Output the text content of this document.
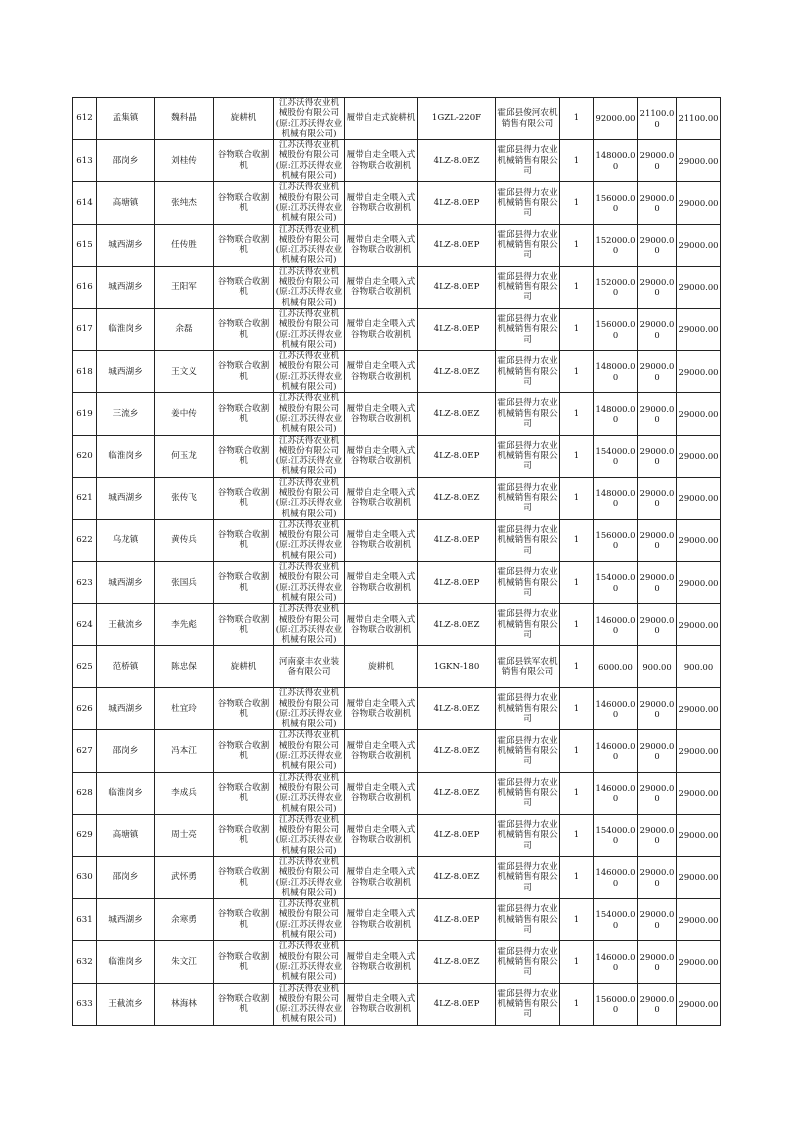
612	孟集镇	魏科晶	旋耕机	江苏沃得农业机械股份有限公司(原:江苏沃得农业机械有限公司)	履带自走式旋耕机	1GZL-220F	霍邱县俊河农机销售有限公司	1	92000.00	21100.00	21100.00
613	邵岗乡	刘桂传	谷物联合收割机	江苏沃得农业机械股份有限公司(原:江苏沃得农业机械有限公司)	履带自走全喂入式谷物联合收割机	4LZ-8.0EZ	霍邱县得力农业机械销售有限公司	1	148000.00	29000.00	29000.00
614	高塘镇	张纯杰	谷物联合收割机	江苏沃得农业机械股份有限公司(原:江苏沃得农业机械有限公司)	履带自走全喂入式谷物联合收割机	4LZ-8.0EP	霍邱县得力农业机械销售有限公司	1	156000.00	29000.00	29000.00
615	城西湖乡	任传胜	谷物联合收割机	江苏沃得农业机械股份有限公司(原:江苏沃得农业机械有限公司)	履带自走全喂入式谷物联合收割机	4LZ-8.0EP	霍邱县得力农业机械销售有限公司	1	152000.00	29000.00	29000.00
616	城西湖乡	王阳军	谷物联合收割机	江苏沃得农业机械股份有限公司(原:江苏沃得农业机械有限公司)	履带自走全喂入式谷物联合收割机	4LZ-8.0EP	霍邱县得力农业机械销售有限公司	1	152000.00	29000.00	29000.00
617	临淮岗乡	余磊	谷物联合收割机	江苏沃得农业机械股份有限公司(原:江苏沃得农业机械有限公司)	履带自走全喂入式谷物联合收割机	4LZ-8.0EP	霍邱县得力农业机械销售有限公司	1	156000.00	29000.00	29000.00
618	城西湖乡	王文义	谷物联合收割机	江苏沃得农业机械股份有限公司(原:江苏沃得农业机械有限公司)	履带自走全喂入式谷物联合收割机	4LZ-8.0EZ	霍邱县得力农业机械销售有限公司	1	148000.00	29000.00	29000.00
619	三流乡	姜中传	谷物联合收割机	江苏沃得农业机械股份有限公司(原:江苏沃得农业机械有限公司)	履带自走全喂入式谷物联合收割机	4LZ-8.0EZ	霍邱县得力农业机械销售有限公司	1	148000.00	29000.00	29000.00
620	临淮岗乡	何玉龙	谷物联合收割机	江苏沃得农业机械股份有限公司(原:江苏沃得农业机械有限公司)	履带自走全喂入式谷物联合收割机	4LZ-8.0EP	霍邱县得力农业机械销售有限公司	1	154000.00	29000.00	29000.00
621	城西湖乡	张传飞	谷物联合收割机	江苏沃得农业机械股份有限公司(原:江苏沃得农业机械有限公司)	履带自走全喂入式谷物联合收割机	4LZ-8.0EZ	霍邱县得力农业机械销售有限公司	1	148000.00	29000.00	29000.00
622	乌龙镇	黄传兵	谷物联合收割机	江苏沃得农业机械股份有限公司(原:江苏沃得农业机械有限公司)	履带自走全喂入式谷物联合收割机	4LZ-8.0EP	霍邱县得力农业机械销售有限公司	1	156000.00	29000.00	29000.00
623	城西湖乡	张国兵	谷物联合收割机	江苏沃得农业机械股份有限公司(原:江苏沃得农业机械有限公司)	履带自走全喂入式谷物联合收割机	4LZ-8.0EP	霍邱县得力农业机械销售有限公司	1	154000.00	29000.00	29000.00
624	王截流乡	李先彪	谷物联合收割机	江苏沃得农业机械股份有限公司(原:江苏沃得农业机械有限公司)	履带自走全喂入式谷物联合收割机	4LZ-8.0EZ	霍邱县得力农业机械销售有限公司	1	146000.00	29000.00	29000.00
625	范桥镇	陈忠保	旋耕机	河南豪丰农业装备有限公司	旋耕机	1GKN-180	霍邱县铁军农机销售有限公司	1	6000.00	900.00	900.00
626	城西湖乡	杜宜玲	谷物联合收割机	江苏沃得农业机械股份有限公司(原:江苏沃得农业机械有限公司)	履带自走全喂入式谷物联合收割机	4LZ-8.0EZ	霍邱县得力农业机械销售有限公司	1	146000.00	29000.00	29000.00
627	邵岗乡	冯本江	谷物联合收割机	江苏沃得农业机械股份有限公司(原:江苏沃得农业机械有限公司)	履带自走全喂入式谷物联合收割机	4LZ-8.0EZ	霍邱县得力农业机械销售有限公司	1	146000.00	29000.00	29000.00
628	临淮岗乡	李成兵	谷物联合收割机	江苏沃得农业机械股份有限公司(原:江苏沃得农业机械有限公司)	履带自走全喂入式谷物联合收割机	4LZ-8.0EZ	霍邱县得力农业机械销售有限公司	1	146000.00	29000.00	29000.00
629	高塘镇	周士亮	谷物联合收割机	江苏沃得农业机械股份有限公司(原:江苏沃得农业机械有限公司)	履带自走全喂入式谷物联合收割机	4LZ-8.0EP	霍邱县得力农业机械销售有限公司	1	154000.00	29000.00	29000.00
630	邵岗乡	武怀勇	谷物联合收割机	江苏沃得农业机械股份有限公司(原:江苏沃得农业机械有限公司)	履带自走全喂入式谷物联合收割机	4LZ-8.0EZ	霍邱县得力农业机械销售有限公司	1	146000.00	29000.00	29000.00
631	城西湖乡	余寒勇	谷物联合收割机	江苏沃得农业机械股份有限公司(原:江苏沃得农业机械有限公司)	履带自走全喂入式谷物联合收割机	4LZ-8.0EP	霍邱县得力农业机械销售有限公司	1	154000.00	29000.00	29000.00
632	临淮岗乡	朱文江	谷物联合收割机	江苏沃得农业机械股份有限公司(原:江苏沃得农业机械有限公司)	履带自走全喂入式谷物联合收割机	4LZ-8.0EZ	霍邱县得力农业机械销售有限公司	1	146000.00	29000.00	29000.00
633	王截流乡	林海林	谷物联合收割机	江苏沃得农业机械股份有限公司(原:江苏沃得农业机械有限公司)	履带自走全喂入式谷物联合收割机	4LZ-8.0EP	霍邱县得力农业机械销售有限公司	1	156000.00	29000.00	29000.00
